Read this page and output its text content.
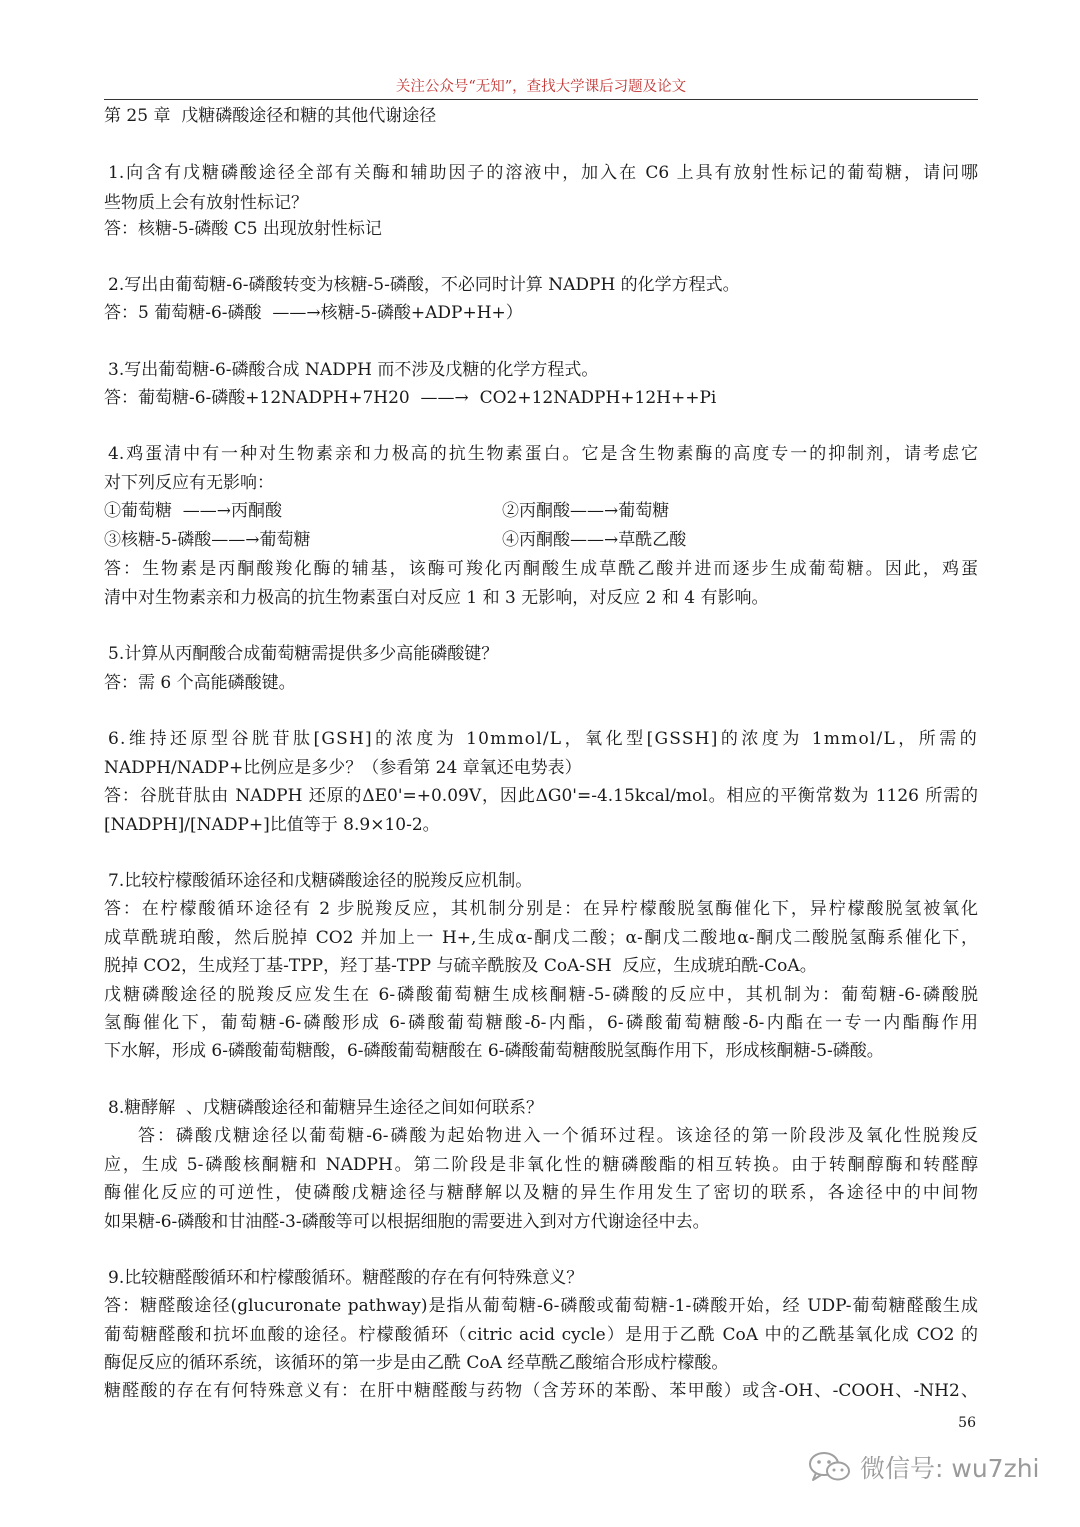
关注公众号“无知”，查找大学课后习题及论文
第 25 章  戊糖磷酸途径和糖的其他代谢途径
1.向含有戊糖磷酸途径全部有关酶和辅助因子的溶液中，加入在 C6 上具有放射性标记的葡萄糖，请问哪
些物质上会有放射性标记？
答：核糖-5-磷酸 C5 出现放射性标记
2.写出由葡萄糖-6-磷酸转变为核糖-5-磷酸，不必同时计算 NADPH 的化学方程式。
答：5 葡萄糖-6-磷酸  ——→核糖-5-磷酸+ADP+H+）
3.写出葡萄糖-6-磷酸合成 NADPH 而不涉及戊糖的化学方程式。
答：葡萄糖-6-磷酸+12NADPH+7H20  ——→  CO2+12NADPH+12H++Pi
4.鸡蛋清中有一种对生物素亲和力极高的抗生物素蛋白。它是含生物素酶的高度专一的抑制剂，请考虑它
对下列反应有无影响：
①葡萄糖  ——→丙酮酸	②丙酮酸——→葡萄糖
③核糖-5-磷酸——→葡萄糖	④丙酮酸——→草酰乙酸
答：生物素是丙酮酸羧化酶的辅基，该酶可羧化丙酮酸生成草酰乙酸并进而逐步生成葡萄糖。因此，鸡蛋
清中对生物素亲和力极高的抗生物素蛋白对反应 1 和 3 无影响，对反应 2 和 4 有影响。
5.计算从丙酮酸合成葡萄糖需提供多少高能磷酸键？
答：需 6 个高能磷酸键。
6.维持还原型谷胱苷肽[GSH]的浓度为 10mmol/L，氧化型[GSSH]的浓度为 1mmol/L，所需的
NADPH/NADP+比例应是多少？（参看第 24 章氧还电势表）
答：谷胱苷肽由 NADPH 还原的ΔE0'=+0.09V，因此ΔG0'=-4.15kcal/mol。相应的平衡常数为 1126 所需的
[NADPH]/[NADP+]比值等于 8.9×10-2。
7.比较柠檬酸循环途径和戊糖磷酸途径的脱羧反应机制。
答：在柠檬酸循环途径有 2 步脱羧反应，其机制分别是：在异柠檬酸脱氢酶催化下，异柠檬酸脱氢被氧化
成草酰琥珀酸，然后脱掉 CO2 并加上一 H+,生成α-酮戊二酸；α-酮戊二酸地α-酮戊二酸脱氢酶系催化下，
脱掉 CO2，生成羟丁基-TPP，羟丁基-TPP 与硫辛酰胺及 CoA-SH  反应，生成琥珀酰-CoA。
戊糖磷酸途径的脱羧反应发生在 6-磷酸葡萄糖生成核酮糖-5-磷酸的反应中，其机制为：葡萄糖-6-磷酸脱
氢酶催化下，葡萄糖-6-磷酸形成 6-磷酸葡萄糖酸-δ-内酯，6-磷酸葡萄糖酸-δ-内酯在一专一内酯酶作用
下水解，形成 6-磷酸葡萄糖酸，6-磷酸葡萄糖酸在 6-磷酸葡萄糖酸脱氢酶作用下，形成核酮糖-5-磷酸。
8.糖酵解  、戊糖磷酸途径和葡糖异生途径之间如何联系？
答：磷酸戊糖途径以葡萄糖-6-磷酸为起始物进入一个循环过程。该途径的第一阶段涉及氧化性脱羧反
应，生成 5-磷酸核酮糖和 NADPH。第二阶段是非氧化性的糖磷酸酯的相互转换。由于转酮醇酶和转醛醇
酶催化反应的可逆性，使磷酸戊糖途径与糖酵解以及糖的异生作用发生了密切的联系，各途径中的中间物
如果糖-6-磷酸和甘油醛-3-磷酸等可以根据细胞的需要进入到对方代谢途径中去。
9.比较糖醛酸循环和柠檬酸循环。糖醛酸的存在有何特殊意义？
答：糖醛酸途径(glucuronate pathway)是指从葡萄糖-6-磷酸或葡萄糖-1-磷酸开始，经 UDP-葡萄糖醛酸生成
葡萄糖醛酸和抗坏血酸的途径。柠檬酸循环（citric acid cycle）是用于乙酰 CoA 中的乙酰基氧化成 CO2 的
酶促反应的循环系统，该循环的第一步是由乙酰 CoA 经草酰乙酸缩合形成柠檬酸。
糖醛酸的存在有何特殊意义有：在肝中糖醛酸与药物（含芳环的苯酚、苯甲酸）或含-OH、-COOH、-NH2、
56
微信号: wu7zhi
